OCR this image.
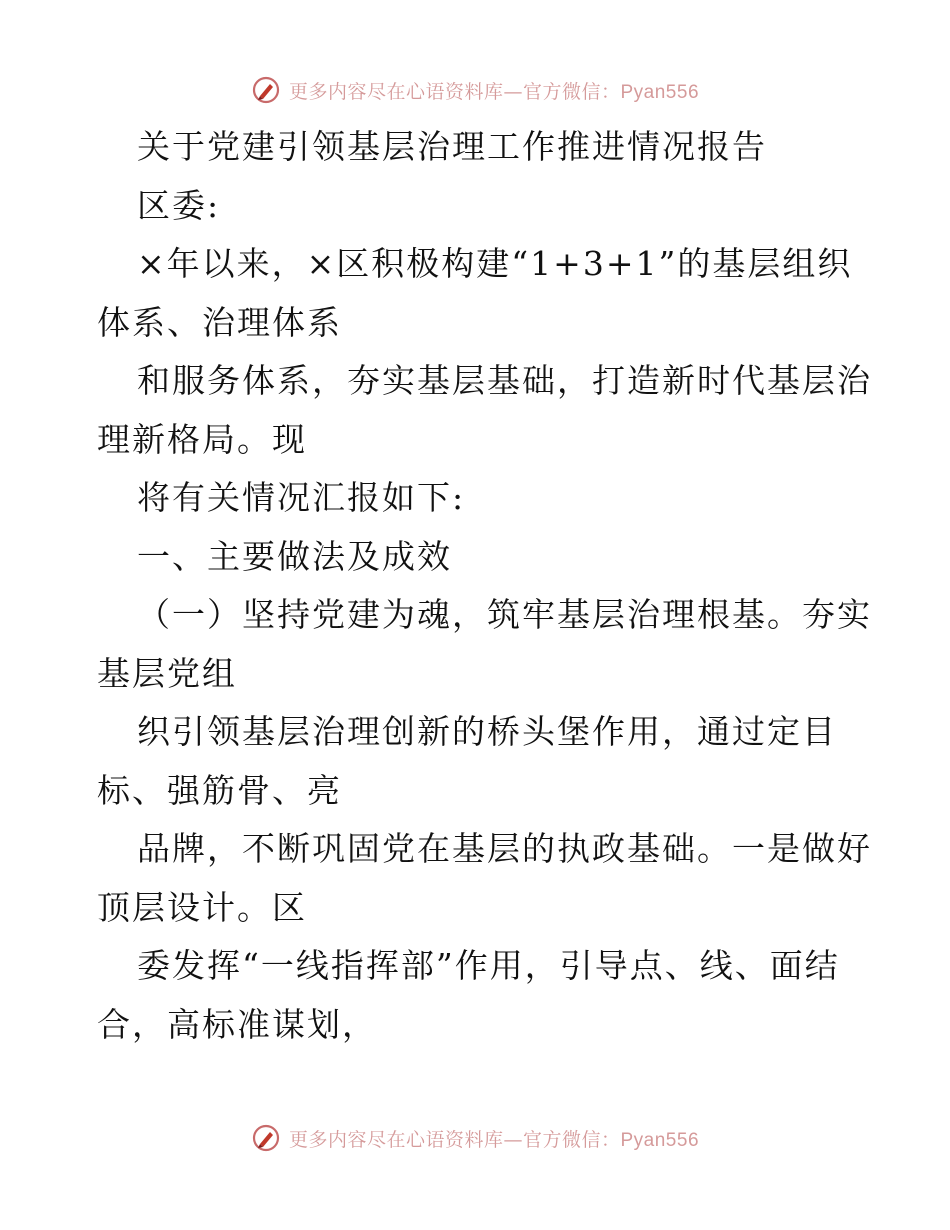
更多内容尽在心语资料库—官方微信：Pyan556
关于党建引领基层治理工作推进情况报告
区委:
×年以来，×区积极构建“1+3+1”的基层组织
体系、治理体系
和服务体系，夯实基层基础，打造新时代基层治
理新格局。现
将有关情况汇报如下:
一、主要做法及成效
（一）坚持党建为魂，筑牢基层治理根基。夯实
基层党组
织引领基层治理创新的桥头堡作用，通过定目
标、强筋骨、亮
品牌，不断巩固党在基层的执政基础。一是做好
顶层设计。区
委发挥“一线指挥部”作用，引导点、线、面结
合，高标准谋划，
更多内容尽在心语资料库—官方微信：Pyan556
